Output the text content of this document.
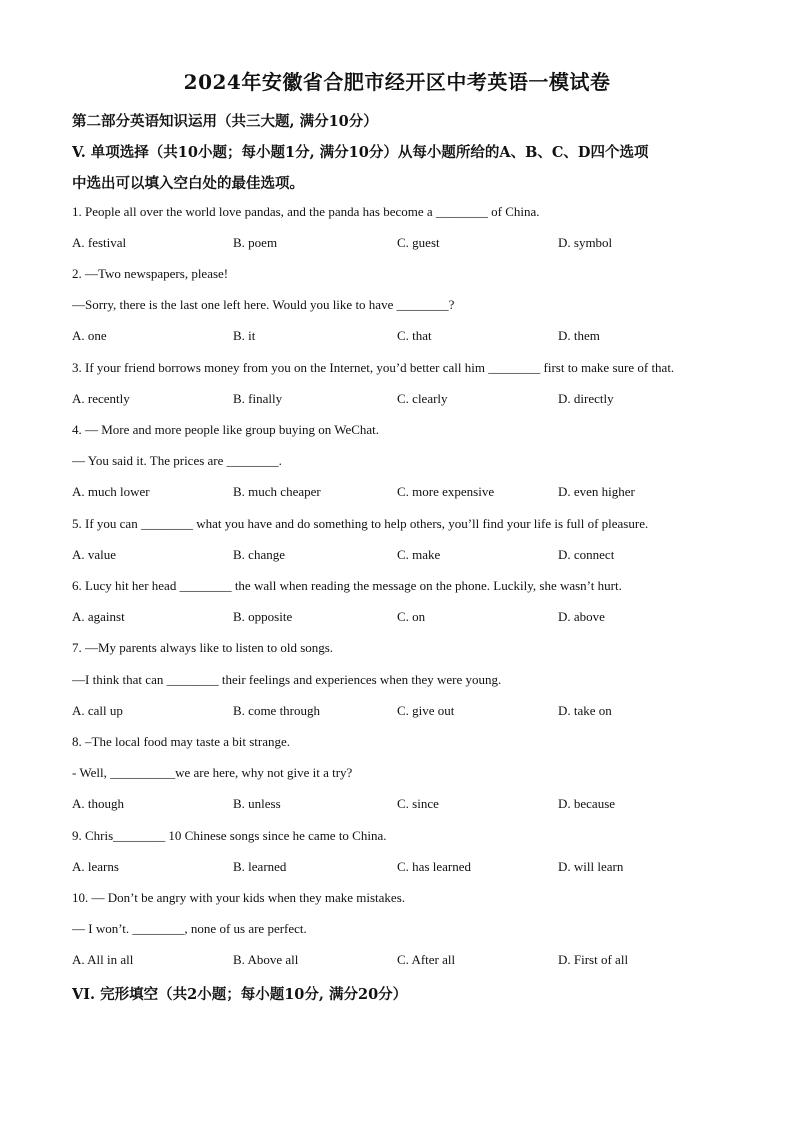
2024年安徽省合肥市经开区中考英语一模试卷
第二部分英语知识运用（共三大题, 满分10分）
V. 单项选择（共10小题；每小题1分, 满分10分）从每小题所给的A、B、C、D四个选项
中选出可以填入空白处的最佳选项。
1. People all over the world love pandas, and the panda has become a ________ of China.
A. festival	B. poem	C. guest	D. symbol
2. —Two newspapers, please!
—Sorry, there is the last one left here. Would you like to have ________?
A. one	B. it	C. that	D. them
3. If your friend borrows money from you on the Internet, you’d better call him ________ first to make sure of that.
A. recently	B. finally	C. clearly	D. directly
4. — More and more people like group buying on WeChat.
— You said it. The prices are ________.
A. much lower	B. much cheaper	C. more expensive	D. even higher
5. If you can ________ what you have and do something to help others, you’ll find your life is full of pleasure.
A. value	B. change	C. make	D. connect
6. Lucy hit her head ________ the wall when reading the message on the phone. Luckily, she wasn’t hurt.
A. against	B. opposite	C. on	D. above
7. —My parents always like to listen to old songs.
—I think that can ________ their feelings and experiences when they were young.
A. call up	B. come through	C. give out	D. take on
8. –The local food may taste a bit strange.
- Well, __________we are here, why not give it a try?
A. though	B. unless	C. since	D. because
9. Chris________ 10 Chinese songs since he came to China.
A. learns	B. learned	C. has learned	D. will learn
10. — Don’t be angry with your kids when they make mistakes.
— I won’t. ________, none of us are perfect.
A. All in all	B. Above all	C. After all	D. First of all
VI. 完形填空（共2小题；每小题10分, 满分20分）
